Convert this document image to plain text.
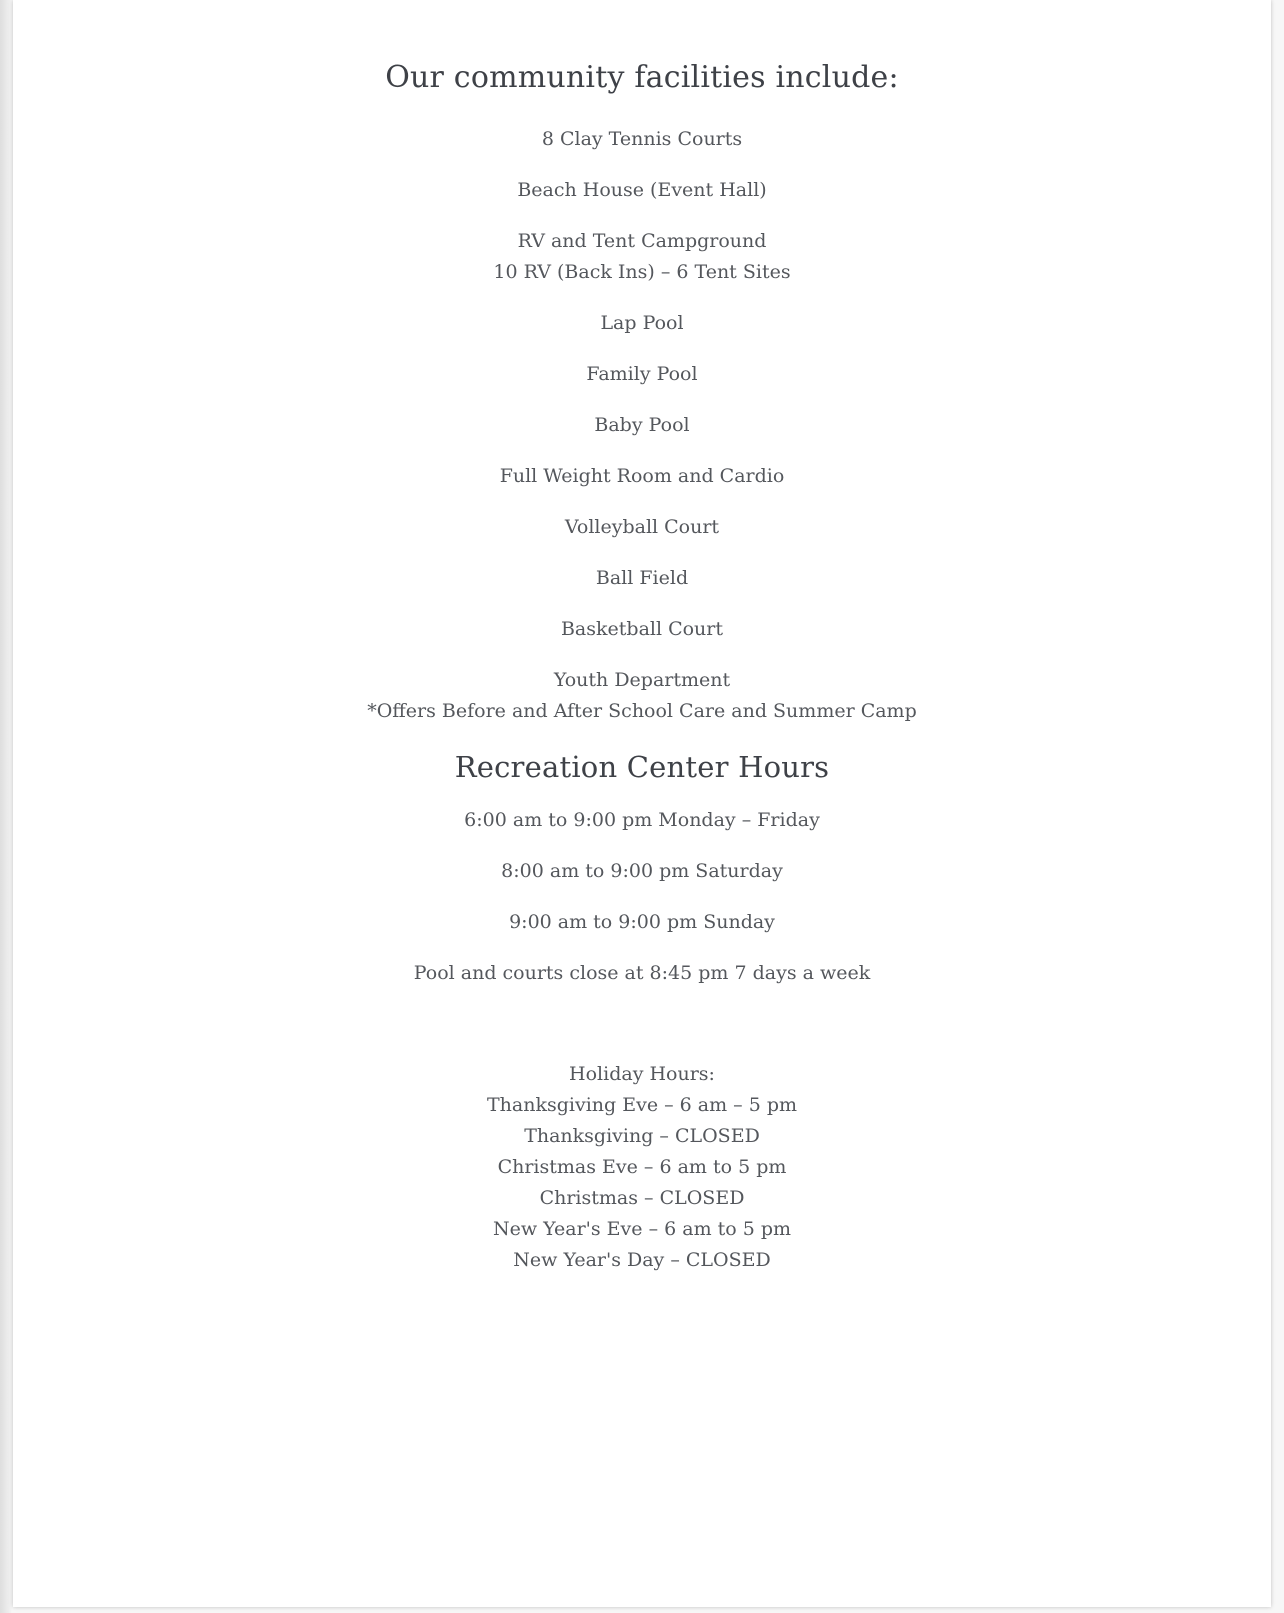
Our community facilities include:

8 Clay Tennis Courts

Beach House (Event Hall)

RV and Tent Campground
10 RV (Back Ins) – 6 Tent Sites

Lap Pool

Family Pool

Baby Pool

Full Weight Room and Cardio

Volleyball Court

Ball Field

Basketball Court

Youth Department
*Offers Before and After School Care and Summer Camp

Recreation Center Hours

6:00 am to 9:00 pm Monday – Friday

8:00 am to 9:00 pm Saturday

9:00 am to 9:00 pm Sunday

Pool and courts close at 8:45 pm 7 days a week

Holiday Hours:

Thanksgiving Eve – 6 am – 5 pm

Thanksgiving – CLOSED

Christmas Eve – 6 am to 5 pm

Christmas – CLOSED

New Year's Eve – 6 am to 5 pm

New Year's Day – CLOSED
